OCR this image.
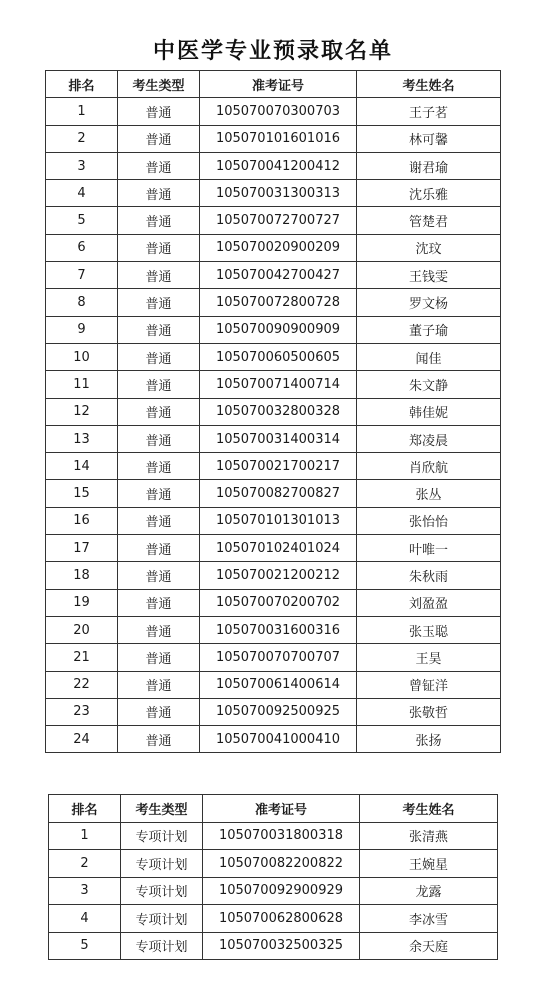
中医学专业预录取名单
排名	考生类型	准考证号	考生姓名
1	普通	105070070300703	王子茗
2	普通	105070101601016	林可馨
3	普通	105070041200412	谢君瑜
4	普通	105070031300313	沈乐雅
5	普通	105070072700727	管楚君
6	普通	105070020900209	沈玟
7	普通	105070042700427	王钱雯
8	普通	105070072800728	罗文杨
9	普通	105070090900909	董子瑜
10	普通	105070060500605	闻佳
11	普通	105070071400714	朱文静
12	普通	105070032800328	韩佳妮
13	普通	105070031400314	郑凌晨
14	普通	105070021700217	肖欣航
15	普通	105070082700827	张丛
16	普通	105070101301013	张怡怡
17	普通	105070102401024	叶唯一
18	普通	105070021200212	朱秋雨
19	普通	105070070200702	刘盈盈
20	普通	105070031600316	张玉聪
21	普通	105070070700707	王昊
22	普通	105070061400614	曾钲洋
23	普通	105070092500925	张敬哲
24	普通	105070041000410	张扬
排名	考生类型	准考证号	考生姓名
1	专项计划	105070031800318	张清燕
2	专项计划	105070082200822	王婉星
3	专项计划	105070092900929	龙露
4	专项计划	105070062800628	李冰雪
5	专项计划	105070032500325	余天庭
